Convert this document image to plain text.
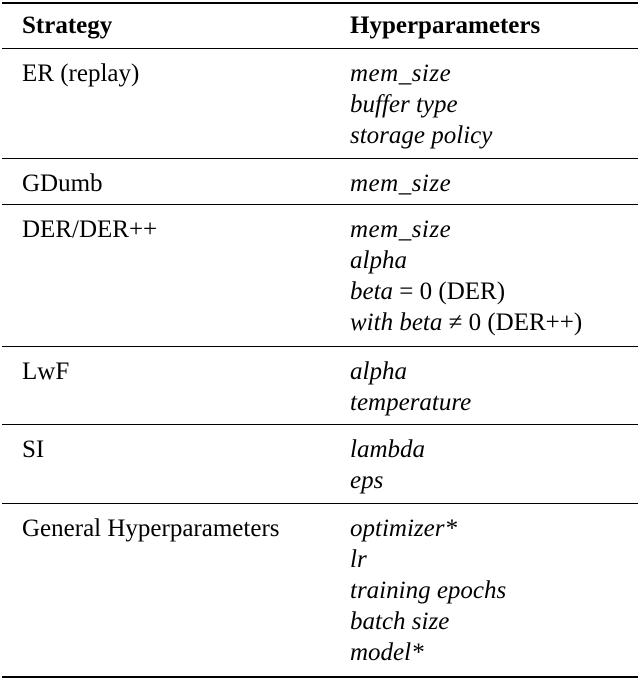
Strategy	Hyperparameters
ER (replay)	mem_size
buffer type
storage policy
GDumb	mem_size
DER/DER++	mem_size
alpha
beta = 0 (DER)
with beta ≠ 0 (DER++)
LwF	alpha
temperature
SI	lambda
eps
General Hyperparameters	optimizer*
lr
training epochs
batch size
model*
